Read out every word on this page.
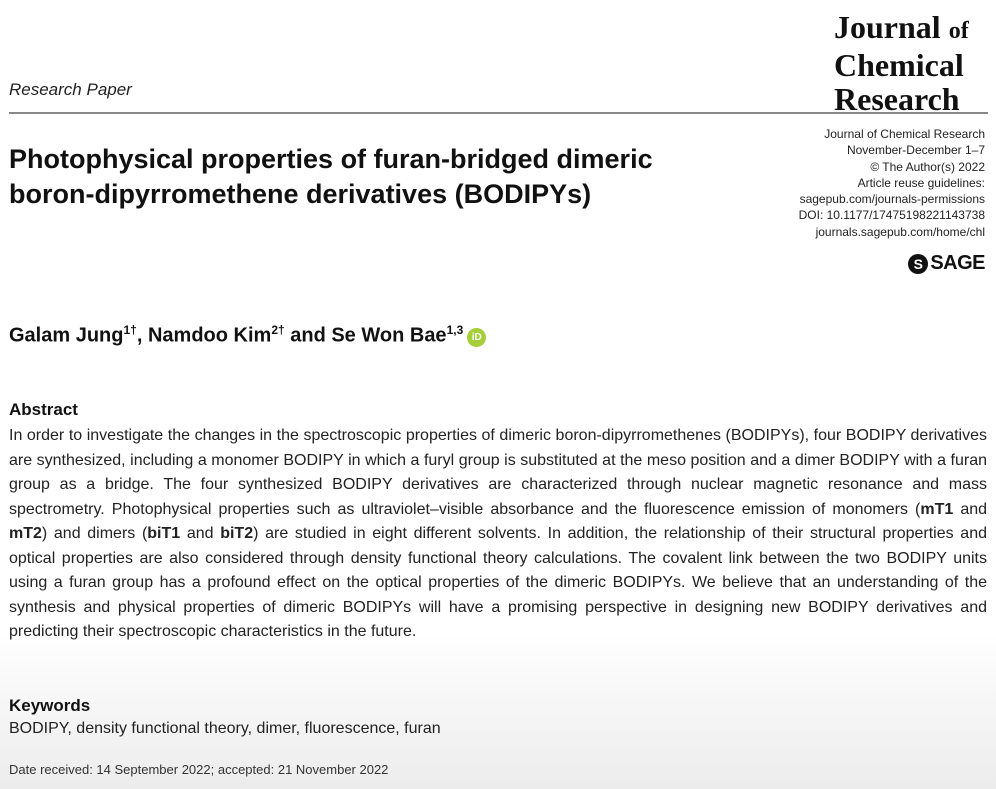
Journal of
Chemical
Research
Research Paper
Photophysical properties of furan-bridged dimeric boron-dipyrromethene derivatives (BODIPYs)
Journal of Chemical Research
November-December 1–7
© The Author(s) 2022
Article reuse guidelines:
sagepub.com/journals-permissions
DOI: 10.1177/17475198221143738
journals.sagepub.com/home/chl
S SAGE
Galam Jung$^{1\dagger}$, Namdoo Kim$^{2\dagger}$ and Se Won Bae$^{1,3}$iD
Abstract

In order to investigate the changes in the spectroscopic properties of dimeric boron-dipyrromethenes (BODIPYs), four BODIPY derivatives are synthesized, including a monomer BODIPY in which a furyl group is substituted at the meso position and a dimer BODIPY with a furan group as a bridge. The four synthesized BODIPY derivatives are characterized through nuclear magnetic resonance and mass spectrometry. Photophysical properties such as ultraviolet–visible absorbance and the fluorescence emission of monomers (mT1 and mT2) and dimers (biT1 and biT2) are studied in eight different solvents. In addition, the relationship of their structural properties and optical properties are also considered through density functional theory calculations. The covalent link between the two BODIPY units using a furan group has a profound effect on the optical properties of the dimeric BODIPYs. We believe that an understanding of the synthesis and physical properties of dimeric BODIPYs will have a promising perspective in designing new BODIPY derivatives and predicting their spectroscopic characteristics in the future.

Keywords
BODIPY, density functional theory, dimer, fluorescence, furan
Date received: 14 September 2022; accepted: 21 November 2022
